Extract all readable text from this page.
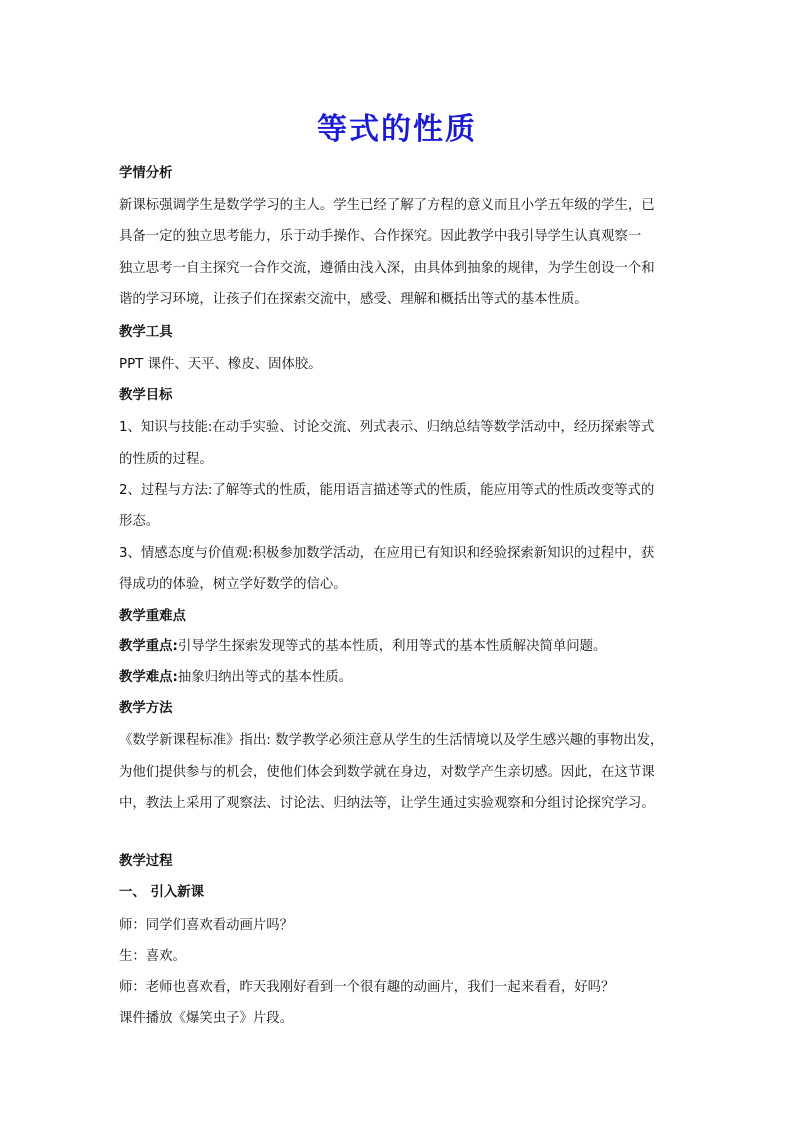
等式的性质
学情分析
新课标强调学生是数学学习的主人。学生已经了解了方程的意义而且小学五年级的学生，已
具备一定的独立思考能力，乐于动手操作、合作探究。因此教学中我引导学生认真观察一
独立思考一自主探究一合作交流，遵循由浅入深，由具体到抽象的规律，为学生创设一个和
谐的学习环境，让孩子们在探索交流中，感受、理解和概括出等式的基本性质。
教学工具
PPT 课件、天平、橡皮、固体胶。
教学目标
1、知识与技能:在动手实验、讨论交流、列式表示、归纳总结等数学活动中，经历探索等式
的性质的过程。
2、过程与方法:了解等式的性质，能用语言描述等式的性质，能应用等式的性质改变等式的
形态。
3、情感态度与价值观:积极参加数学活动，在应用已有知识和经验探索新知识的过程中，获
得成功的体验，树立学好数学的信心。
教学重难点
教学重点:引导学生探索发现等式的基本性质，利用等式的基本性质解决简单问题。
教学难点:抽象归纳出等式的基本性质。
教学方法
《数学新课程标准》指出: 数学教学必须注意从学生的生活情境以及学生感兴趣的事物出发，
为他们提供参与的机会，使他们体会到数学就在身边，对数学产生亲切感。因此，在这节课
中，教法上采用了观察法、讨论法、归纳法等，让学生通过实验观察和分组讨论探究学习。
教学过程
一、 引入新课
师：同学们喜欢看动画片吗？
生：喜欢。
师：老师也喜欢看，昨天我刚好看到一个很有趣的动画片，我们一起来看看，好吗？
课件播放《爆笑虫子》片段。
